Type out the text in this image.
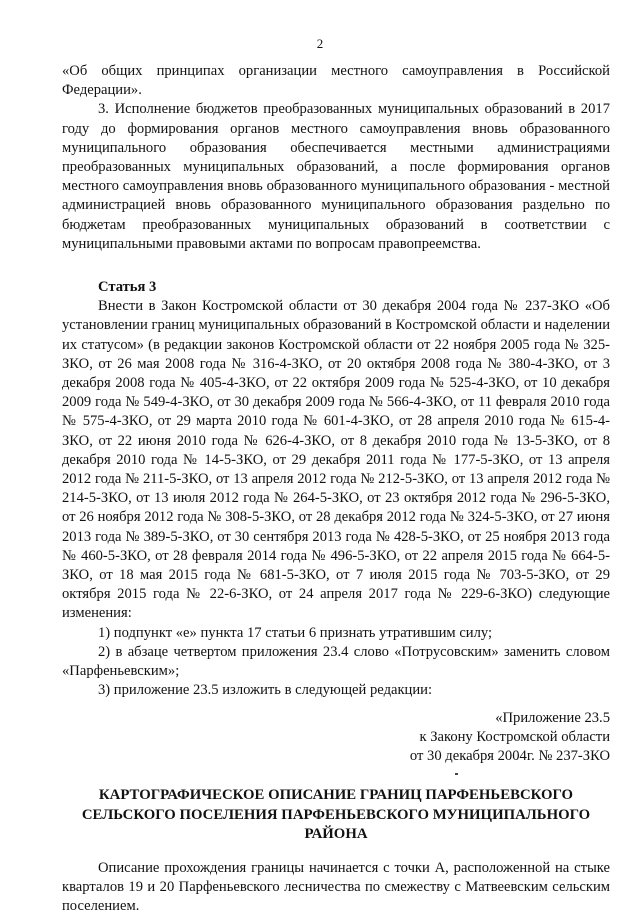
2

«Об общих принципах организации местного самоуправления в Российской Федерации».

3. Исполнение бюджетов преобразованных муниципальных образований в 2017 году до формирования органов местного самоуправления вновь образованного муниципального образования обеспечивается местными администрациями преобразованных муниципальных образований, а после формирования органов местного самоуправления вновь образованного муниципального образования - местной администрацией вновь образованного муниципального образования раздельно по бюджетам преобразованных муниципальных образований в соответствии с муниципальными правовыми актами по вопросам правопреемства.

Статья 3

Внести в Закон Костромской области от 30 декабря 2004 года № 237-ЗКО «Об установлении границ муниципальных образований в Костромской области и наделении их статусом» (в редакции законов Костромской области от 22 ноября 2005 года № 325-ЗКО, от 26 мая 2008 года № 316-4-ЗКО, от 20 октября 2008 года № 380-4-ЗКО, от 3 декабря 2008 года № 405-4-ЗКО, от 22 октября 2009 года № 525-4-ЗКО, от 10 декабря 2009 года № 549-4-ЗКО, от 30 декабря 2009 года № 566-4-ЗКО, от 11 февраля 2010 года № 575-4-ЗКО, от 29 марта 2010 года № 601-4-ЗКО, от 28 апреля 2010 года № 615-4-ЗКО, от 22 июня 2010 года № 626-4-ЗКО, от 8 декабря 2010 года № 13-5-ЗКО, от 8 декабря 2010 года № 14-5-ЗКО, от 29 декабря 2011 года № 177-5-ЗКО, от 13 апреля 2012 года № 211-5-ЗКО, от 13 апреля 2012 года № 212-5-ЗКО, от 13 апреля 2012 года № 214-5-ЗКО, от 13 июля 2012 года № 264-5-ЗКО, от 23 октября 2012 года № 296-5-ЗКО, от 26 ноября 2012 года № 308-5-ЗКО, от 28 декабря 2012 года № 324-5-ЗКО, от 27 июня 2013 года № 389-5-ЗКО, от 30 сентября 2013 года № 428-5-ЗКО, от 25 ноября 2013 года № 460-5-ЗКО, от 28 февраля 2014 года № 496-5-ЗКО, от 22 апреля 2015 года № 664-5-ЗКО, от 18 мая 2015 года № 681-5-ЗКО, от 7 июля 2015 года № 703-5-ЗКО, от 29 октября 2015 года № 22-6-ЗКО, от 24 апреля 2017 года № 229-6-ЗКО) следующие изменения:

1) подпункт «е» пункта 17 статьи 6 признать утратившим силу;

2) в абзаце четвертом приложения 23.4 слово «Потрусовским» заменить словом «Парфеньевским»;

3) приложение 23.5 изложить в следующей редакции:

«Приложение 23.5

к Закону Костромской области

от 30 декабря 2004г. № 237-ЗКО

КАРТОГРАФИЧЕСКОЕ ОПИСАНИЕ ГРАНИЦ ПАРФЕНЬЕВСКОГО СЕЛЬСКОГО ПОСЕЛЕНИЯ ПАРФЕНЬЕВСКОГО МУНИЦИПАЛЬНОГО РАЙОНА

Описание прохождения границы начинается с точки А, расположенной на стыке кварталов 19 и 20 Парфеньевского лесничества по смежеству с Матвеевским сельским поселением.
